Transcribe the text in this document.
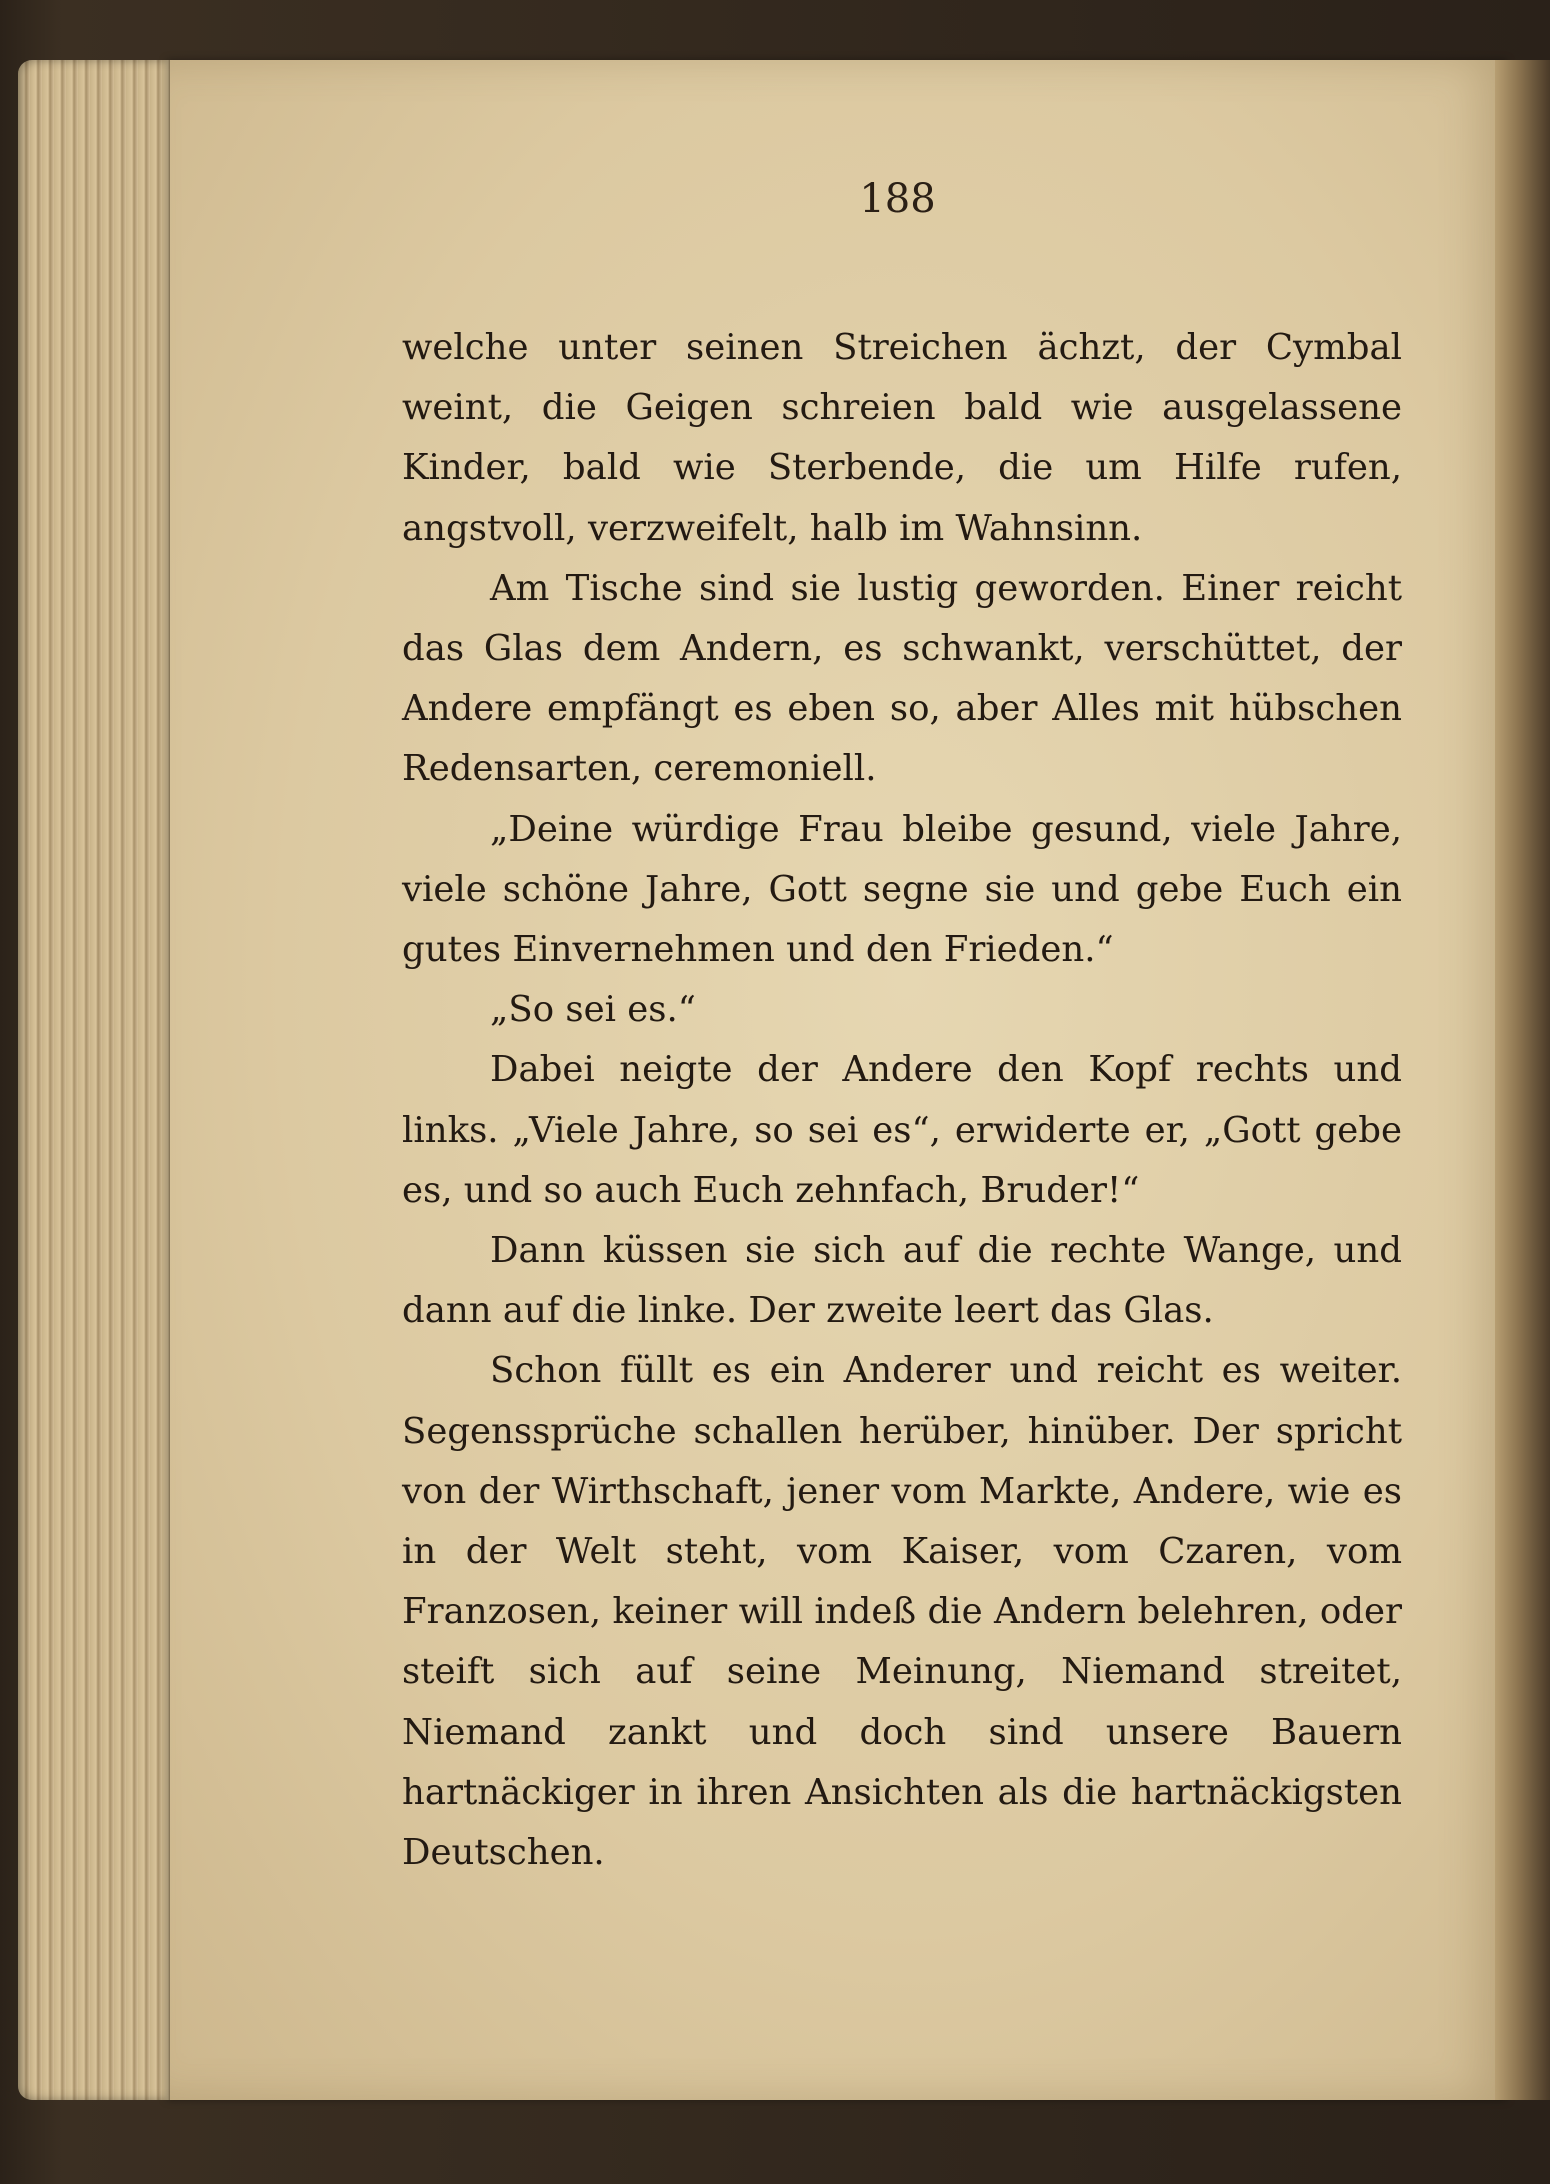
188

welche unter seinen Streichen ächzt, der Cymbal weint, die Geigen schreien bald wie ausgelassene Kinder, bald wie Sterbende, die um Hilfe rufen, angstvoll, verzweifelt, halb im Wahnsinn.

Am Tische sind sie lustig geworden. Einer reicht das Glas dem Andern, es schwankt, verschüttet, der Andere empfängt es eben so, aber Alles mit hübschen Redensarten, ceremoniell.

„Deine würdige Frau bleibe gesund, viele Jahre, viele schöne Jahre, Gott segne sie und gebe Euch ein gutes Einvernehmen und den Frieden.“

„So sei es.“

Dabei neigte der Andere den Kopf rechts und links. „Viele Jahre, so sei es“, erwiderte er, „Gott gebe es, und so auch Euch zehnfach, Bruder!“

Dann küssen sie sich auf die rechte Wange, und dann auf die linke. Der zweite leert das Glas.

Schon füllt es ein Anderer und reicht es weiter. Segenssprüche schallen herüber, hinüber. Der spricht von der Wirthschaft, jener vom Markte, Andere, wie es in der Welt steht, vom Kaiser, vom Czaren, vom Franzosen, keiner will indeß die Andern belehren, oder steift sich auf seine Meinung, Niemand streitet, Niemand zankt und doch sind unsere Bauern hartnäckiger in ihren Ansichten als die hartnäckigsten Deutschen.
